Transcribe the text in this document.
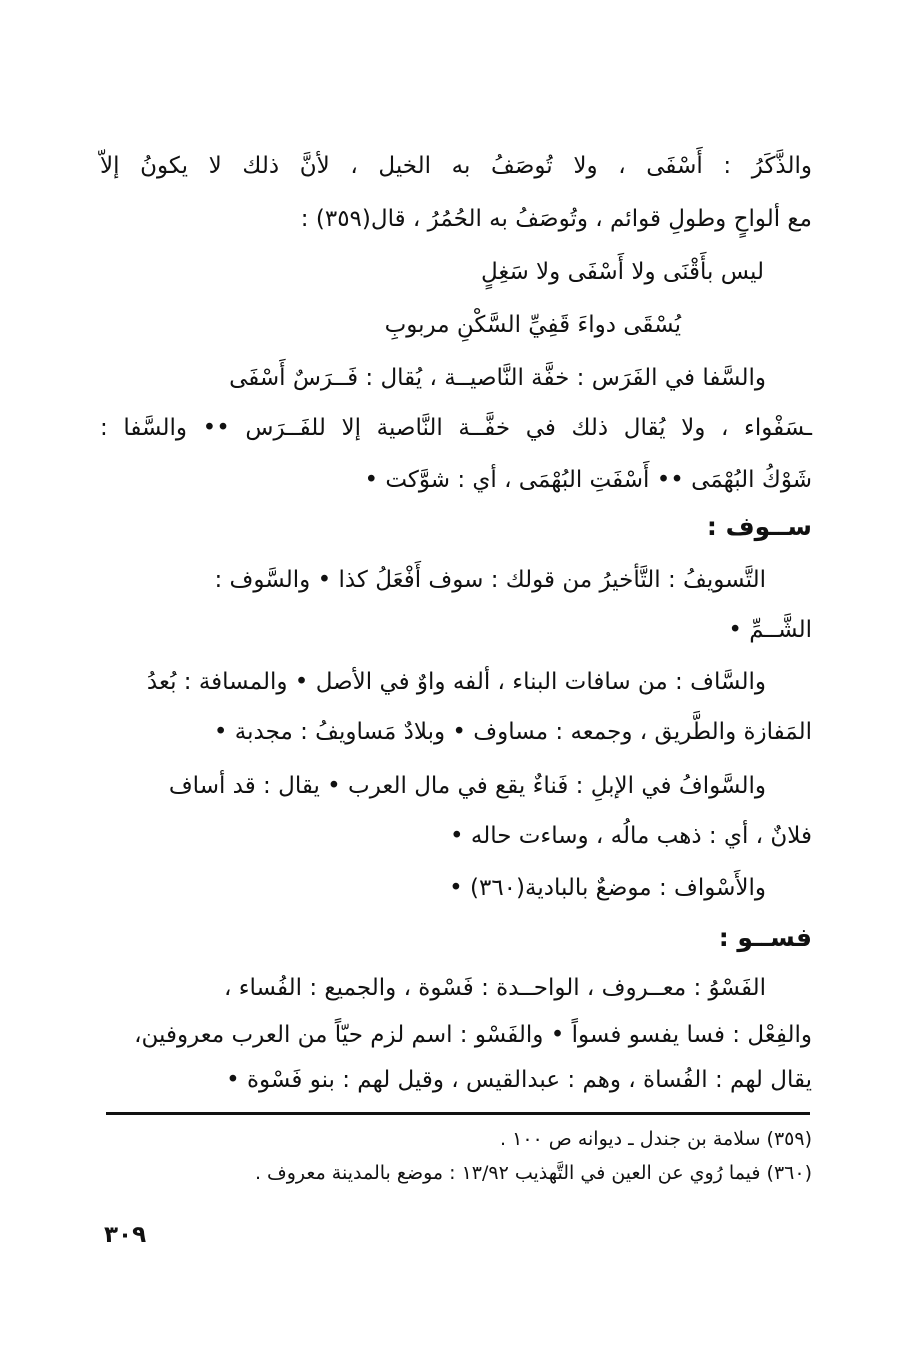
والذَّكَرُ : أَسْفَى ، ولا تُوصَفُ به الخيل ، لأنَّ ذلك لا يكونُ إلاّ
مع ألواحٍ وطولِ قوائم ، وتُوصَفُ به الحُمُرُ ، قال(٣٥٩) :
ليس بأَقْنَى ولا أَسْفَى ولا سَغِلٍ
يُسْقَى دواءَ قَفِيِّ السَّكْنِ مربوبِ
والسَّفا في الفَرَس : خفَّة النَّاصيــة ، يُقال : فَــرَسٌ أَسْفَى
ـسَفْواء ، ولا يُقال ذلك في خفَّــة النَّاصية إلا للفَــرَس •• والسَّفا :
شَوْكُ البُهْمَى •• أَسْفَتِ البُهْمَى ، أي : شوَّكت •
ســوف :
التَّسويفُ : التَّأخيرُ من قولك : سوف أَفْعَلُ كذا • والسَّوف :
الشَّــمِّ •
والسَّاف : من سافات البناء ، ألفه واوٌ في الأصل • والمسافة : بُعدُ
المَفازة والطَّريق ، وجمعه : مساوف • وبلادٌ مَساويفُ : مجدبة •
والسَّوافُ في الإبلِ : فَناءٌ يقع في مال العرب • يقال : قد أساف
فلانٌ ، أي : ذهب مالُه ، وساءت حاله •
والأَسْواف : موضعٌ بالبادية(٣٦٠) •
فســو :
الفَسْوُ : معــروف ، الواحــدة : فَسْوة ، والجميع : الفُساء ،
والفِعْل : فسا يفسو فسواً • والفَسْو : اسم لزم حيّاً من العرب معروفين،
يقال لهم : الفُساة ، وهم : عبدالقيس ، وقيل لهم : بنو فَسْوة •
(٣٥٩) سلامة بن جندل ـ ديوانه ص ١٠٠ .
(٣٦٠) فيما رُوي عن العين في التَّهذيب ١٣/٩٢ : موضع بالمدينة معروف .
٣٠٩
